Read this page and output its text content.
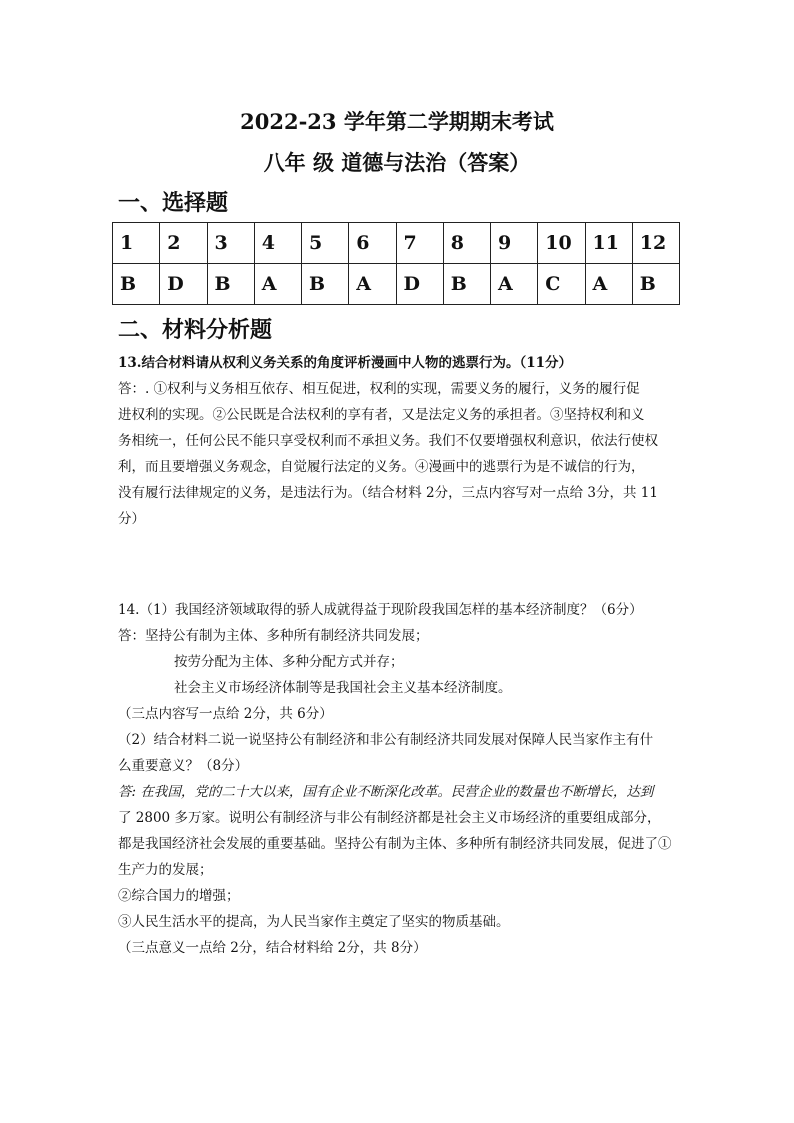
2022-23 学年第二学期期末考试
八年 级 道德与法治（答案）
一、选择题
1	2	3	4	5	6	7	8	9	10	11	12
B	D	B	A	B	A	D	B	A	C	A	B
二、材料分析题

13.结合材料请从权利义务关系的角度评析漫画中人物的逃票行为。（11分）

答：. ①权利与义务相互依存、相互促进，权利的实现，需要义务的履行，义务的履行促

进权利的实现。②公民既是合法权利的享有者，又是法定义务的承担者。③坚持权利和义

务相统一，任何公民不能只享受权利而不承担义务。我们不仅要增强权利意识，依法行使权

利，而且要增强义务观念，自觉履行法定的义务。④漫画中的逃票行为是不诚信的行为，

没有履行法律规定的义务，是违法行为。（结合材料 2分，三点内容写对一点给 3分，共 11

分）

14.（1）我国经济领域取得的骄人成就得益于现阶段我国怎样的基本经济制度？（6分）

答：坚持公有制为主体、多种所有制经济共同发展；

按劳分配为主体、多种分配方式并存；

社会主义市场经济体制等是我国社会主义基本经济制度。

（三点内容写一点给 2分，共 6分）

（2）结合材料二说一说坚持公有制经济和非公有制经济共同发展对保障人民当家作主有什

么重要意义？（8分）

答: 在我国，党的二十大以来，国有企业不断深化改革。民营企业的数量也不断增长，达到

了 2800 多万家。说明公有制经济与非公有制经济都是社会主义市场经济的重要组成部分，

都是我国经济社会发展的重要基础。坚持公有制为主体、多种所有制经济共同发展，促进了①

生产力的发展；

②综合国力的增强；

③人民生活水平的提高，为人民当家作主奠定了坚实的物质基础。

（三点意义一点给 2分，结合材料给 2分，共 8分）
